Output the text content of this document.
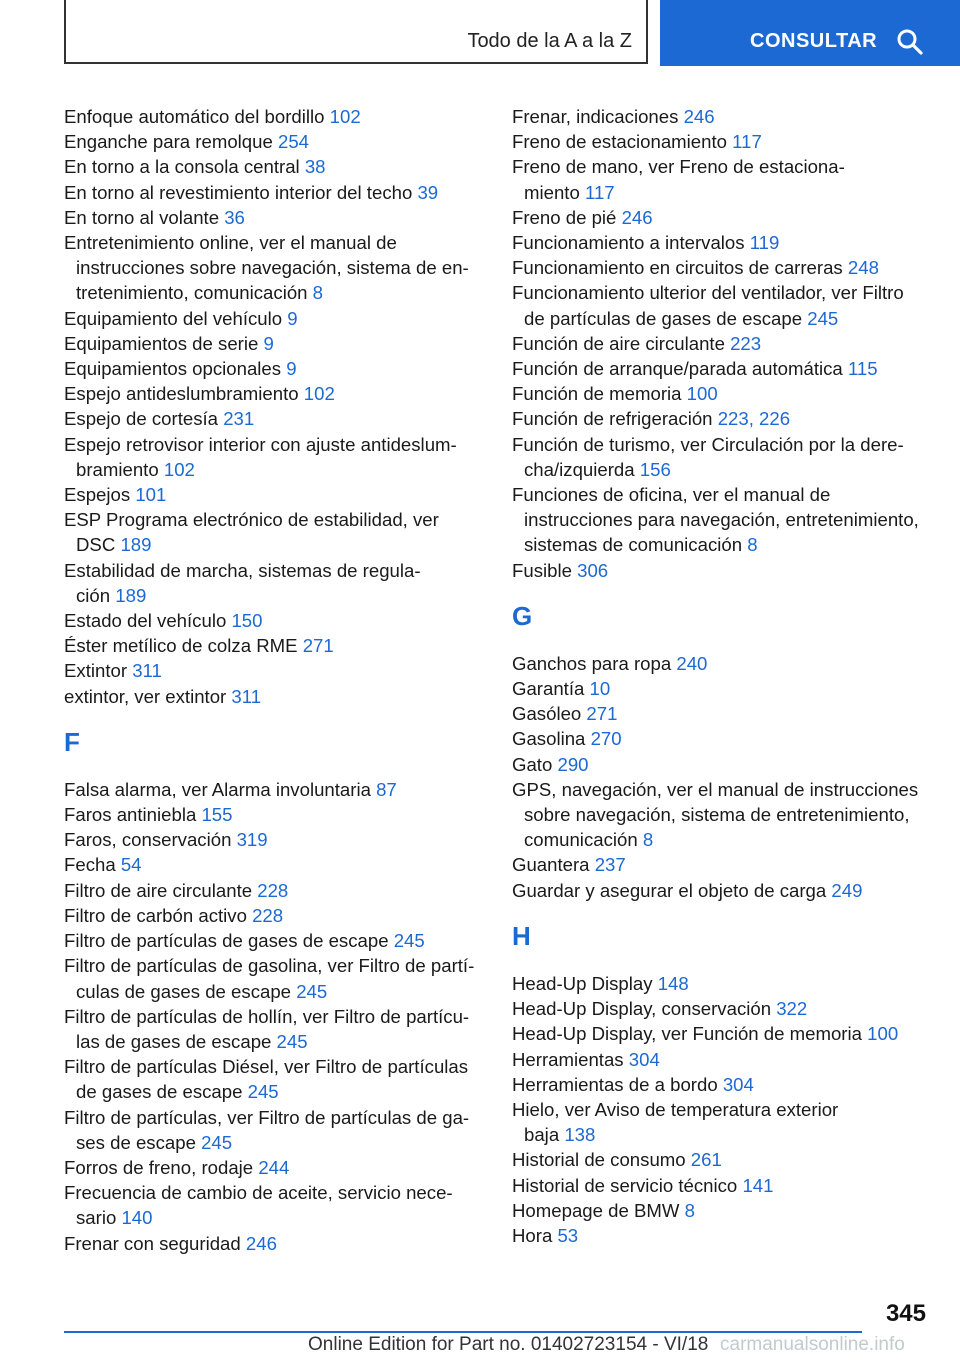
Todo de la A a la Z	CONSULTAR
Enfoque automático del bordillo 102
Enganche para remolque 254
En torno a la consola central 38
En torno al revestimiento interior del techo 39
En torno al volante 36
Entretenimiento online, ver el manual de
instrucciones sobre navegación, sistema de en‐
tretenimiento, comunicación 8
Equipamiento del vehículo 9
Equipamientos de serie 9
Equipamientos opcionales 9
Espejo antideslumbramiento 102
Espejo de cortesía 231
Espejo retrovisor interior con ajuste antideslum‐
bramiento 102
Espejos 101
ESP Programa electrónico de estabilidad, ver
DSC 189
Estabilidad de marcha, sistemas de regula‐
ción 189
Estado del vehículo 150
Éster metílico de colza RME 271
Extintor 311
extintor, ver extintor 311
F
Falsa alarma, ver Alarma involuntaria 87
Faros antiniebla 155
Faros, conservación 319
Fecha 54
Filtro de aire circulante 228
Filtro de carbón activo 228
Filtro de partículas de gases de escape 245
Filtro de partículas de gasolina, ver Filtro de partí‐
culas de gases de escape 245
Filtro de partículas de hollín, ver Filtro de partícu‐
las de gases de escape 245
Filtro de partículas Diésel, ver Filtro de partículas
de gases de escape 245
Filtro de partículas, ver Filtro de partículas de ga‐
ses de escape 245
Forros de freno, rodaje 244
Frecuencia de cambio de aceite, servicio nece‐
sario 140
Frenar con seguridad 246
Frenar, indicaciones 246
Freno de estacionamiento 117
Freno de mano, ver Freno de estaciona‐
miento 117
Freno de pié 246
Funcionamiento a intervalos 119
Funcionamiento en circuitos de carreras 248
Funcionamiento ulterior del ventilador, ver Filtro
de partículas de gases de escape 245
Función de aire circulante 223
Función de arranque/parada automática 115
Función de memoria 100
Función de refrigeración 223, 226
Función de turismo, ver Circulación por la dere‐
cha/izquierda 156
Funciones de oficina, ver el manual de
instrucciones para navegación, entretenimiento,
sistemas de comunicación 8
Fusible 306
G
Ganchos para ropa 240
Garantía 10
Gasóleo 271
Gasolina 270
Gato 290
GPS, navegación, ver el manual de instrucciones
sobre navegación, sistema de entretenimiento,
comunicación 8
Guantera 237
Guardar y asegurar el objeto de carga 249
H
Head-Up Display 148
Head-Up Display, conservación 322
Head-Up Display, ver Función de memoria 100
Herramientas 304
Herramientas de a bordo 304
Hielo, ver Aviso de temperatura exterior
baja 138
Historial de consumo 261
Historial de servicio técnico 141
Homepage de BMW 8
Hora 53
345
Online Edition for Part no. 01402723154 - VI/18 carmanualsonline.info
